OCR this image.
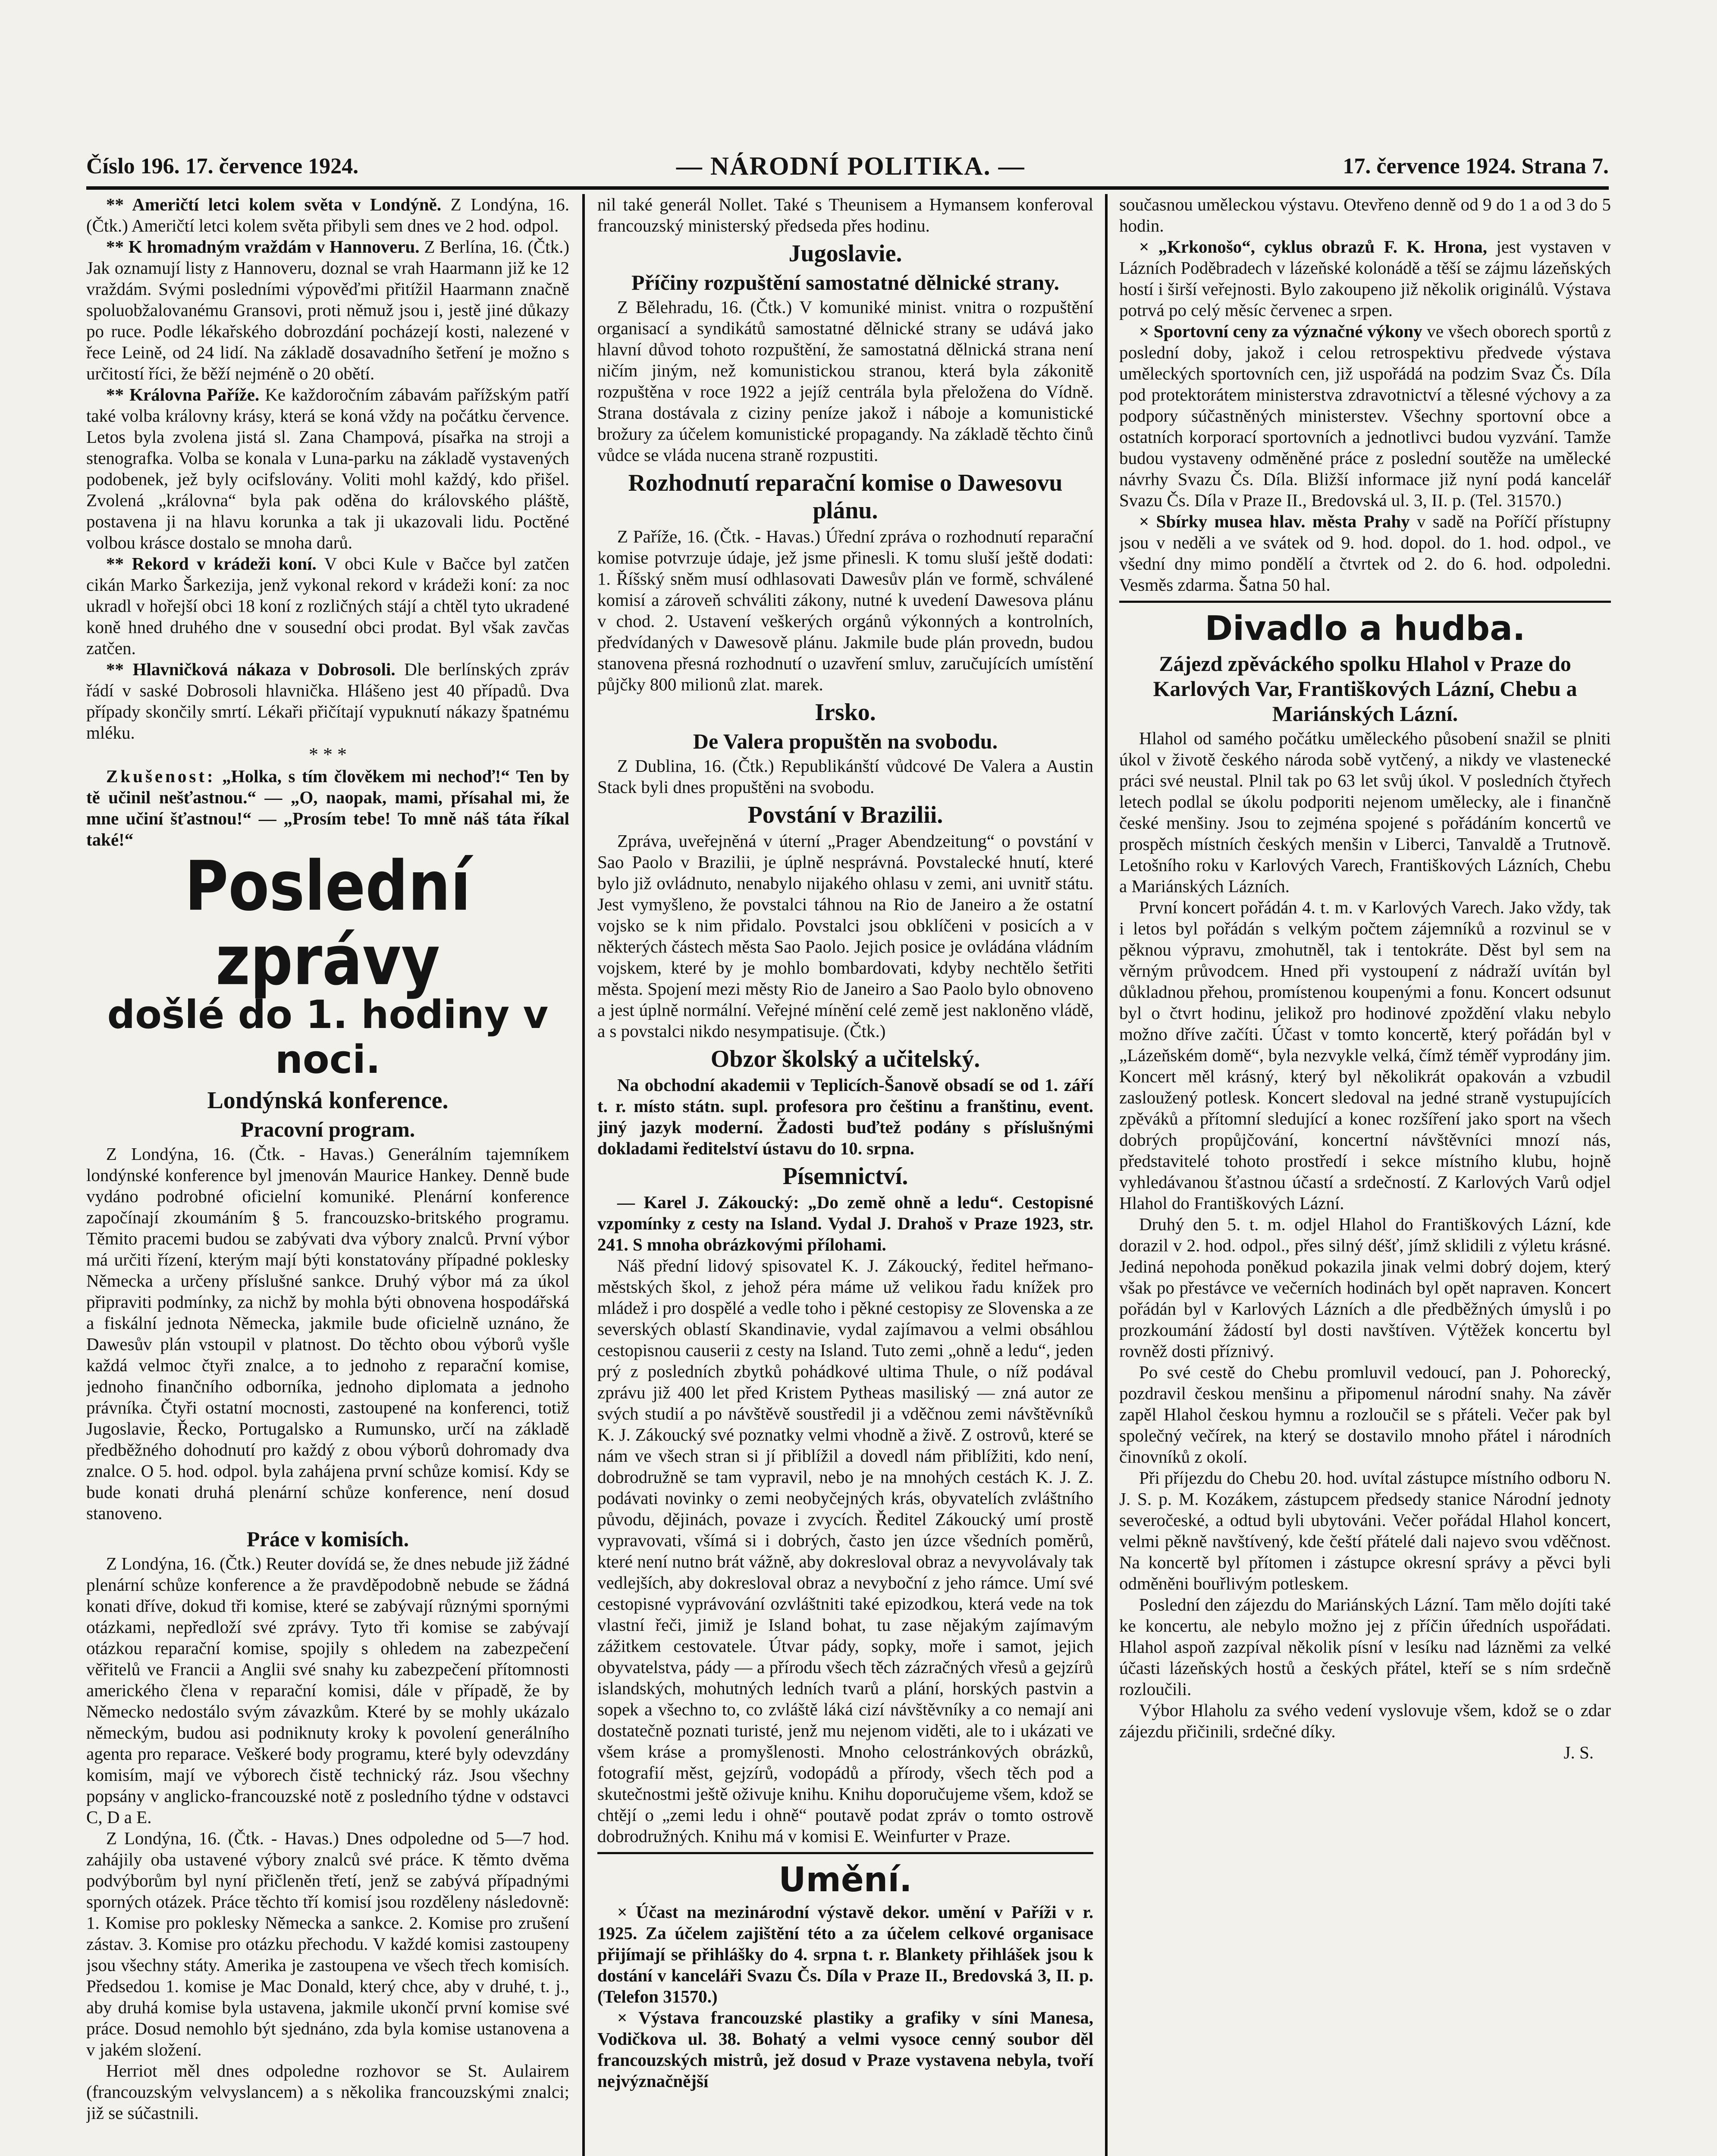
Číslo 196. 17. července 1924.	— NÁRODNÍ POLITIKA. —	17. července 1924. Strana 7.

** Američtí letci kolem světa v Londýně. Z Londýna, 16. (Čtk.) Američtí letci kolem světa přibyli sem dnes ve 2 hod. odpol.

** K hromadným vraždám v Hannoveru. Z Berlína, 16. (Čtk.) Jak oznamují listy z Hannoveru, doznal se vrah Haarmann již ke 12 vraždám. Svými posledními výpověďmi přitížil Haarmann značně spoluobžalovanému Gransovi, proti němuž jsou i, jestě jiné důkazy po ruce. Podle lékařského dobrozdání pocházejí kosti, nalezené v řece Leině, od 24 lidí. Na základě dosavadního šetření je možno s určitostí říci, že běží nejméně o 20 obětí.

** Královna Paříže. Ke každoročním zábavám pařížským patří také volba královny krásy, která se koná vždy na počátku července. Letos byla zvolena jistá sl. Zana Champová, písařka na stroji a stenografka. Volba se konala v Luna-parku na základě vystavených podobenek, jež byly ocifslovány. Voliti mohl každý, kdo přišel. Zvolená „královna“ byla pak oděna do královského pláště, postavena ji na hlavu korunka a tak ji ukazovali lidu. Poctěné volbou krásce dostalo se mnoha darů.

** Rekord v krádeži koní. V obci Kule v Bačce byl zatčen cikán Marko Šarkezija, jenž vykonal rekord v krádeži koní: za noc ukradl v hořejší obci 18 koní z rozličných stájí a chtěl tyto ukradené koně hned druhého dne v sousední obci prodat. Byl však zavčas zatčen.

** Hlavničková nákaza v Dobrosoli. Dle berlínských zpráv řádí v saské Dobrosoli hlavnička. Hlášeno jest 40 případů. Dva případy skončily smrtí. Lékaři přičítají vypuknutí nákazy špatnému mléku.

* * *

Zkušenost: „Holka, s tím člověkem mi nechoď!“ Ten by tě učinil nešťastnou.“ — „O, naopak, mami, přísahal mi, že mne učiní šťastnou!“ — „Prosím tebe! To mně náš táta říkal také!“

Poslední zprávy
došlé do 1. hodiny v noci.
Londýnská konference.
Pracovní program.

Z Londýna, 16. (Čtk. - Havas.) Generálním tajemníkem londýnské konference byl jmenován Maurice Hankey. Denně bude vydáno podrobné oficielní komuniké. Plenární konference započínají zkoumáním § 5. francouzsko-britského programu. Těmito pracemi budou se zabývati dva výbory znalců. První výbor má určiti řízení, kterým mají býti konstatovány případné poklesky Německa a určeny příslušné sankce. Druhý výbor má za úkol připraviti podmínky, za nichž by mohla býti obnovena hospodářská a fiskální jednota Německa, jakmile bude oficielně uznáno, že Dawesův plán vstoupil v platnost. Do těchto obou výborů vyšle každá velmoc čtyři znalce, a to jednoho z reparační komise, jednoho finančního odborníka, jednoho diplomata a jednoho právníka. Čtyři ostatní mocnosti, zastoupené na konferenci, totiž Jugoslavie, Řecko, Portugalsko a Rumunsko, určí na základě předběžného dohodnutí pro každý z obou výborů dohromady dva znalce. O 5. hod. odpol. byla zahájena první schůze komisí. Kdy se bude konati druhá plenární schůze konference, není dosud stanoveno.

Práce v komisích.

Z Londýna, 16. (Čtk.) Reuter dovídá se, že dnes nebude již žádné plenární schůze konference a že pravděpodobně nebude se žádná konati dříve, dokud tři komise, které se zabývají různými spornými otázkami, nepředloží své zprávy. Tyto tři komise se zabývají otázkou reparační komise, spojily s ohledem na zabezpečení věřitelů ve Francii a Anglii své snahy ku zabezpečení přítomnosti amerického člena v reparační komisi, dále v případě, že by Německo nedostálo svým závazkům. Které by se mohly ukázalo německým, budou asi podniknuty kroky k povolení generálního agenta pro reparace. Veškeré body programu, které byly odevzdány komisím, mají ve výborech čistě technický ráz. Jsou všechny popsány v anglicko-francouzské notě z posledního týdne v odstavci C, D a E.

Z Londýna, 16. (Čtk. - Havas.) Dnes odpoledne od 5—7 hod. zahájily oba ustavené výbory znalců své práce. K těmto dvěma podvýborům byl nyní přičleněn třetí, jenž se zabývá případnými sporných otázek. Práce těchto tří komisí jsou rozděleny následovně: 1. Komise pro poklesky Německa a sankce. 2. Komise pro zrušení zástav. 3. Komise pro otázku přechodu. V každé komisi zastoupeny jsou všechny státy. Amerika je zastoupena ve všech třech komisích. Předsedou 1. komise je Mac Donald, který chce, aby v druhé, t. j., aby druhá komise byla ustavena, jakmile ukončí první komise své práce. Dosud nemohlo být sjednáno, zda byla komise ustanovena a v jakém složení.

Herriot měl dnes odpoledne rozhovor se St. Aulairem (francouzským velvyslancem) a s několika francouzskými znalci; již se súčastnili.

nil také generál Nollet. Také s Theunisem a Hymansem konferoval francouzský ministerský předseda přes hodinu.

Jugoslavie.
Příčiny rozpuštění samostatné dělnické strany.

Z Bělehradu, 16. (Čtk.) V komuniké minist. vnitra o rozpuštění organisací a syndikátů samostatné dělnické strany se udává jako hlavní důvod tohoto rozpuštění, že samostatná dělnická strana není ničím jiným, než komunistickou stranou, která byla zákonitě rozpuštěna v roce 1922 a jejíž centrála byla přeložena do Vídně. Strana dostávala z ciziny peníze jakož i náboje a komunistické brožury za účelem komunistické propagandy. Na základě těchto činů vůdce se vláda nucena straně rozpustiti.

Rozhodnutí reparační komise o Dawesovu plánu.

Z Paříže, 16. (Čtk. - Havas.) Úřední zpráva o rozhodnutí reparační komise potvrzuje údaje, jež jsme přinesli. K tomu sluší ještě dodati: 1. Říšský sněm musí odhlasovati Dawesův plán ve formě, schválené komisí a zároveň schváliti zákony, nutné k uvedení Dawesova plánu v chod. 2. Ustavení veškerých orgánů výkonných a kontrolních, předvídaných v Dawesově plánu. Jakmile bude plán provedn, budou stanovena přesná rozhodnutí o uzavření smluv, zaručujících umístění půjčky 800 milionů zlat. marek.

Irsko.
De Valera propuštěn na svobodu.

Z Dublina, 16. (Čtk.) Republikánští vůdcové De Valera a Austin Stack byli dnes propuštěni na svobodu.

Povstání v Brazilii.

Zpráva, uveřejněná v úterní „Prager Abendzeitung“ o povstání v Sao Paolo v Brazilii, je úplně nesprávná. Povstalecké hnutí, které bylo již ovládnuto, nenabylo nijakého ohlasu v zemi, ani uvnitř státu. Jest vymyšleno, že povstalci táhnou na Rio de Janeiro a že ostatní vojsko se k nim přidalo. Povstalci jsou obklíčeni v posicích a v některých částech města Sao Paolo. Jejich posice je ovládána vládním vojskem, které by je mohlo bombardovati, kdyby nechtělo šetřiti města. Spojení mezi městy Rio de Janeiro a Sao Paolo bylo obnoveno a jest úplně normální. Veřejné mínění celé země jest nakloněno vládě, a s povstalci nikdo nesympatisuje. (Čtk.)

Obzor školský a učitelský.

Na obchodní akademii v Teplicích-Šanově obsadí se od 1. září t. r. místo státn. supl. profesora pro češtinu a franštinu, event. jiný jazyk moderní. Žadosti buďtež podány s příslušnými dokladami ředitelství ústavu do 10. srpna.

Písemnictví.

— Karel J. Zákoucký: „Do země ohně a ledu“. Cestopisné vzpomínky z cesty na Island. Vydal J. Drahoš v Praze 1923, str. 241. S mnoha obrázkovými přílohami.

Náš přední lidový spisovatel K. J. Zákoucký, ředitel heřmano-městských škol, z jehož péra máme už velikou řadu knížek pro mládež i pro dospělé a vedle toho i pěkné cestopisy ze Slovenska a ze severských oblastí Skandinavie, vydal zajímavou a velmi obsáhlou cestopisnou causerii z cesty na Island. Tuto zemi „ohně a ledu“, jeden prý z posledních zbytků pohádkové ultima Thule, o níž podával zprávu již 400 let před Kristem Pytheas masiliský — zná autor ze svých studií a po návštěvě soustředil ji a vděčnou zemi návštěvníků K. J. Zákoucký své poznatky velmi vhodně a živě. Z ostrovů, které se nám ve všech stran si jí přiblížil a dovedl nám přiblížiti, kdo není, dobrodružně se tam vypravil, nebo je na mnohých cestách K. J. Z. podávati novinky o zemi neobyčejných krás, obyvatelích zvláštního původu, dějinách, povaze i zvycích. Ředitel Zákoucký umí prostě vypravovati, všímá si i dobrých, často jen úzce všedních poměrů, které není nutno brát vážně, aby dokresloval obraz a nevyvolávaly tak vedlejších, aby dokresloval obraz a nevyboční z jeho rámce. Umí své cestopisné vyprávování ozvláštniti také epizodkou, která vede na tok vlastní řeči, jimiž je Island bohat, tu zase nějakým zajímavým zážitkem cestovatele. Útvar pády, sopky, moře i samot, jejich obyvatelstva, pády — a přírodu všech těch zázračných vřesů a gejzírů islandských, mohutných ledních tvarů a plání, horských pastvin a sopek a všechno to, co zvláště láká cizí návštěvníky a co nemají ani dostatečně poznati turisté, jenž mu nejenom viděti, ale to i ukázati ve všem kráse a promyšlenosti. Mnoho celostránkových obrázků, fotografií měst, gejzírů, vodopádů a přírody, všech těch pod a skutečnostmi ještě oživuje knihu. Knihu doporučujeme všem, kdož se chtějí o „zemi ledu i ohně“ poutavě podat zpráv o tomto ostrově dobrodružných. Knihu má v komisi E. Weinfurter v Praze.

Umění.

× Účast na mezinárodní výstavě dekor. umění v Paříži v r. 1925. Za účelem zajištění této a za účelem celkové organisace přijímají se přihlášky do 4. srpna t. r. Blankety přihlášek jsou k dostání v kanceláři Svazu Čs. Díla v Praze II., Bredovská 3, II. p. (Telefon 31570.)

× Výstava francouzské plastiky a grafiky v síni Manesa, Vodičkova ul. 38. Bohatý a velmi vysoce cenný soubor děl francouzských mistrů, jež dosud v Praze vystavena nebyla, tvoří nejvýznačnější

současnou uměleckou výstavu. Otevřeno denně od 9 do 1 a od 3 do 5 hodin.

× „Krkonošo“, cyklus obrazů F. K. Hrona, jest vystaven v Lázních Poděbradech v lázeňské kolonádě a těší se zájmu lázeňských hostí i širší veřejnosti. Bylo zakoupeno již několik originálů. Výstava potrvá po celý měsíc červenec a srpen.

× Sportovní ceny za význačné výkony ve všech oborech sportů z poslední doby, jakož i celou retrospektivu předvede výstava uměleckých sportovních cen, již uspořádá na podzim Svaz Čs. Díla pod protektorátem ministerstva zdravotnictví a tělesné výchovy a za podpory súčastněných ministerstev. Všechny sportovní obce a ostatních korporací sportovních a jednotlivci budou vyzvání. Tamže budou vystaveny odměněné práce z poslední soutěže na umělecké návrhy Svazu Čs. Díla. Bližší informace již nyní podá kancelář Svazu Čs. Díla v Praze II., Bredovská ul. 3, II. p. (Tel. 31570.)

× Sbírky musea hlav. města Prahy v sadě na Poříčí přístupny jsou v neděli a ve svátek od 9. hod. dopol. do 1. hod. odpol., ve všední dny mimo pondělí a čtvrtek od 2. do 6. hod. odpoledni. Vesměs zdarma. Šatna 50 hal.

Divadlo a hudba.
Zájezd zpěváckého spolku Hlahol v Praze do Karlových Var, Františkových Lázní, Chebu a Mariánských Lázní.

Hlahol od samého počátku uměleckého působení snažil se plniti úkol v životě českého národa sobě vytčený, a nikdy ve vlastenecké práci své neustal. Plnil tak po 63 let svůj úkol. V posledních čtyřech letech podlal se úkolu podporiti nejenom umělecky, ale i finančně české menšiny. Jsou to zejména spojené s pořádáním koncertů ve prospěch místních českých menšin v Liberci, Tanvaldě a Trutnově. Letošního roku v Karlových Varech, Františkových Lázních, Chebu a Mariánských Lázních.

První koncert pořádán 4. t. m. v Karlových Varech. Jako vždy, tak i letos byl pořádán s velkým počtem zájemníků a rozvinul se v pěknou výpravu, zmohutněl, tak i tentokráte. Děst byl sem na věrným průvodcem. Hned při vystoupení z nádraží uvítán byl důkladnou přehou, promístenou koupenými a fonu. Koncert odsunut byl o čtvrt hodinu, jelikož pro hodinové zpoždění vlaku nebylo možno dříve začíti. Účast v tomto koncertě, který pořádán byl v „Lázeňském domě“, byla nezvykle velká, čímž téměř vyprodány jim. Koncert měl krásný, který byl několikrát opakován a vzbudil zasloužený potlesk. Koncert sledoval na jedné straně vystupujících zpěváků a přítomní sledující a konec rozšíření jako sport na všech dobrých propůjčování, koncertní návštěvníci mnozí nás, představitelé tohoto prostředí i sekce místního klubu, hojně vyhledávanou šťastnou účastí a srdečností. Z Karlových Varů odjel Hlahol do Františkových Lázní.

Druhý den 5. t. m. odjel Hlahol do Františkových Lázní, kde dorazil v 2. hod. odpol., přes silný déšť, jímž sklidili z výletu krásné. Jediná nepohoda poněkud pokazila jinak velmi dobrý dojem, který však po přestávce ve večerních hodinách byl opět napraven. Koncert pořádán byl v Karlových Lázních a dle předběžných úmyslů i po prozkoumání žádostí byl dosti navštíven. Výtěžek koncertu byl rovněž dosti příznivý.

Po své cestě do Chebu promluvil vedoucí, pan J. Pohorecký, pozdravil českou menšinu a připomenul národní snahy. Na závěr zapěl Hlahol českou hymnu a rozloučil se s přáteli. Večer pak byl společný večírek, na který se dostavilo mnoho přátel i národních činovníků z okolí.

Při příjezdu do Chebu 20. hod. uvítal zástupce místního odboru N. J. S. p. M. Kozákem, zástupcem předsedy stanice Národní jednoty severočeské, a odtud byli ubytováni. Večer pořádal Hlahol koncert, velmi pěkně navštívený, kde čeští přátelé dali najevo svou vděčnost. Na koncertě byl přítomen i zástupce okresní správy a pěvci byli odměněni bouřlivým potleskem.

Poslední den zájezdu do Mariánských Lázní. Tam mělo dojíti také ke koncertu, ale nebylo možno jej z příčin úředních uspořádati. Hlahol aspoň zazpíval několik písní v lesíku nad lázněmi za velké účasti lázeňských hostů a českých přátel, kteří se s ním srdečně rozloučili.

Výbor Hlaholu za svého vedení vyslovuje všem, kdož se o zdar zájezdu přičinili, srdečné díky.

J. S.
